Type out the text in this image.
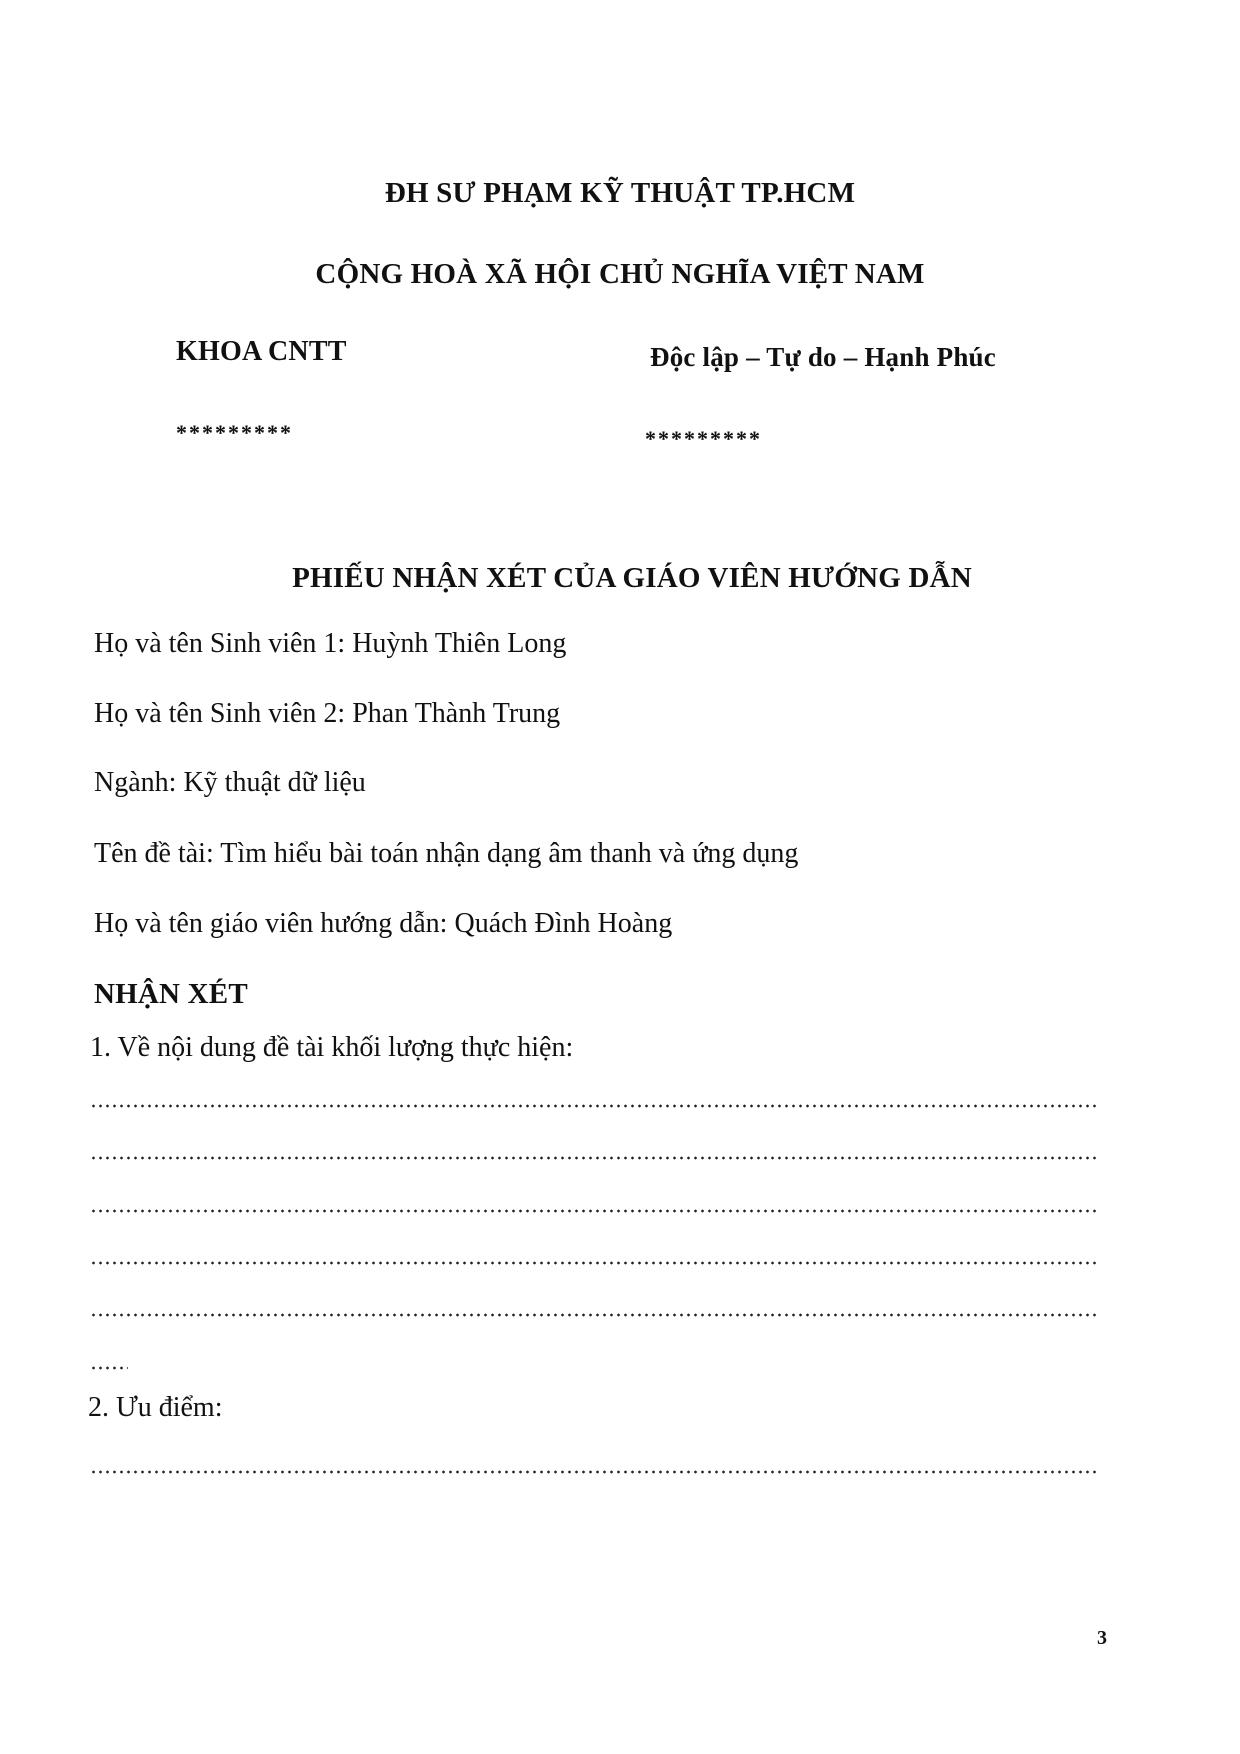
ĐH SƯ PHẠM KỸ THUẬT TP.HCM
CỘNG HOÀ XÃ HỘI CHỦ NGHĨA VIỆT NAM
KHOA CNTT	Độc lập – Tự do – Hạnh Phúc
*********	*********
PHIẾU NHẬN XÉT CỦA GIÁO VIÊN HƯỚNG DẪN
Họ và tên Sinh viên 1: Huỳnh Thiên Long
Họ và tên Sinh viên 2: Phan Thành Trung
Ngành: Kỹ thuật dữ liệu
Tên đề tài: Tìm hiểu bài toán nhận dạng âm thanh và ứng dụng
Họ và tên giáo viên hướng dẫn: Quách Đình Hoàng
NHẬN XÉT
1. Về nội dung đề tài khối lượng thực hiện:
2. Ưu điểm:
3
